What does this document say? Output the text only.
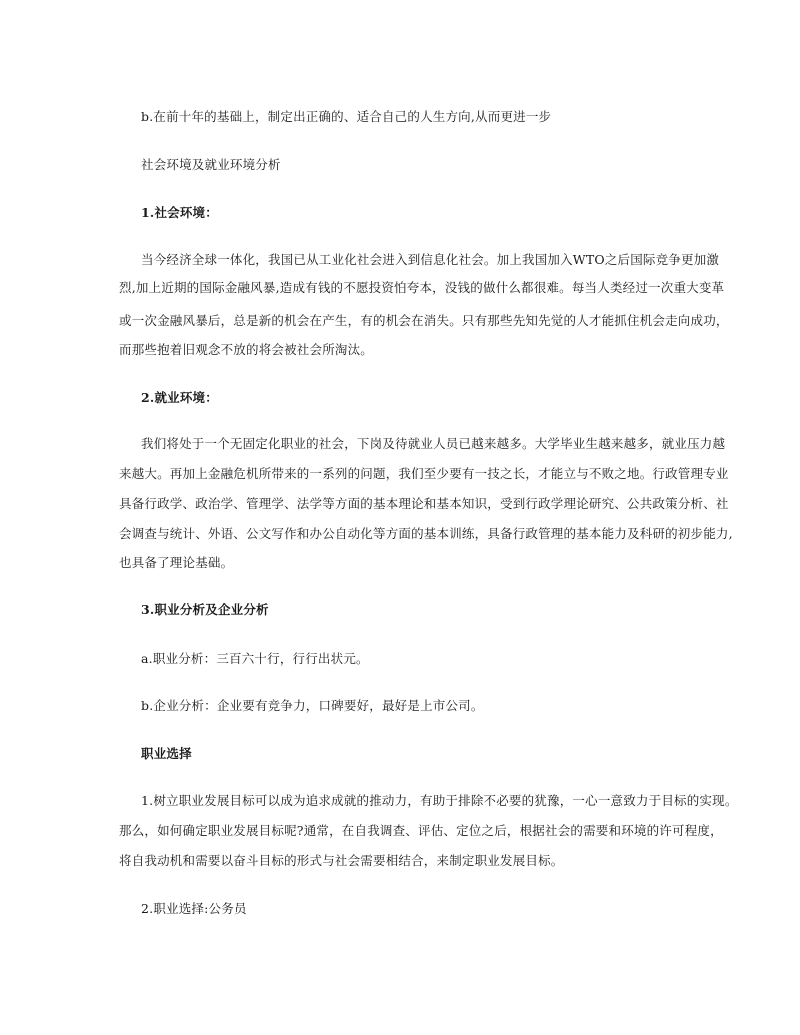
b.在前十年的基础上，制定出正确的、适合自己的人生方向,从而更进一步
社会环境及就业环境分析
1.社会环境：
当今经济全球一体化，我国已从工业化社会进入到信息化社会。加上我国加入WTO之后国际竞争更加激
烈,加上近期的国际金融风暴,造成有钱的不愿投资怕夸本，没钱的做什么都很难。每当人类经过一次重大变革
或一次金融风暴后，总是新的机会在产生，有的机会在消失。只有那些先知先觉的人才能抓住机会走向成功，
而那些抱着旧观念不放的将会被社会所淘汰。
2.就业环境：
我们将处于一个无固定化职业的社会，下岗及待就业人员已越来越多。大学毕业生越来越多，就业压力越
来越大。再加上金融危机所带来的一系列的问题，我们至少要有一技之长，才能立与不败之地。行政管理专业
具备行政学、政治学、管理学、法学等方面的基本理论和基本知识，受到行政学理论研究、公共政策分析、社
会调查与统计、外语、公文写作和办公自动化等方面的基本训练，具备行政管理的基本能力及科研的初步能力,
也具备了理论基础。
3.职业分析及企业分析
a.职业分析：三百六十行，行行出状元。
b.企业分析：企业要有竞争力，口碑要好，最好是上市公司。
职业选择
1.树立职业发展目标可以成为追求成就的推动力，有助于排除不必要的犹豫，一心一意致力于目标的实现。
那么，如何确定职业发展目标呢?通常，在自我调查、评估、定位之后，根据社会的需要和环境的许可程度，
将自我动机和需要以奋斗目标的形式与社会需要相结合，来制定职业发展目标。
2.职业选择:公务员
